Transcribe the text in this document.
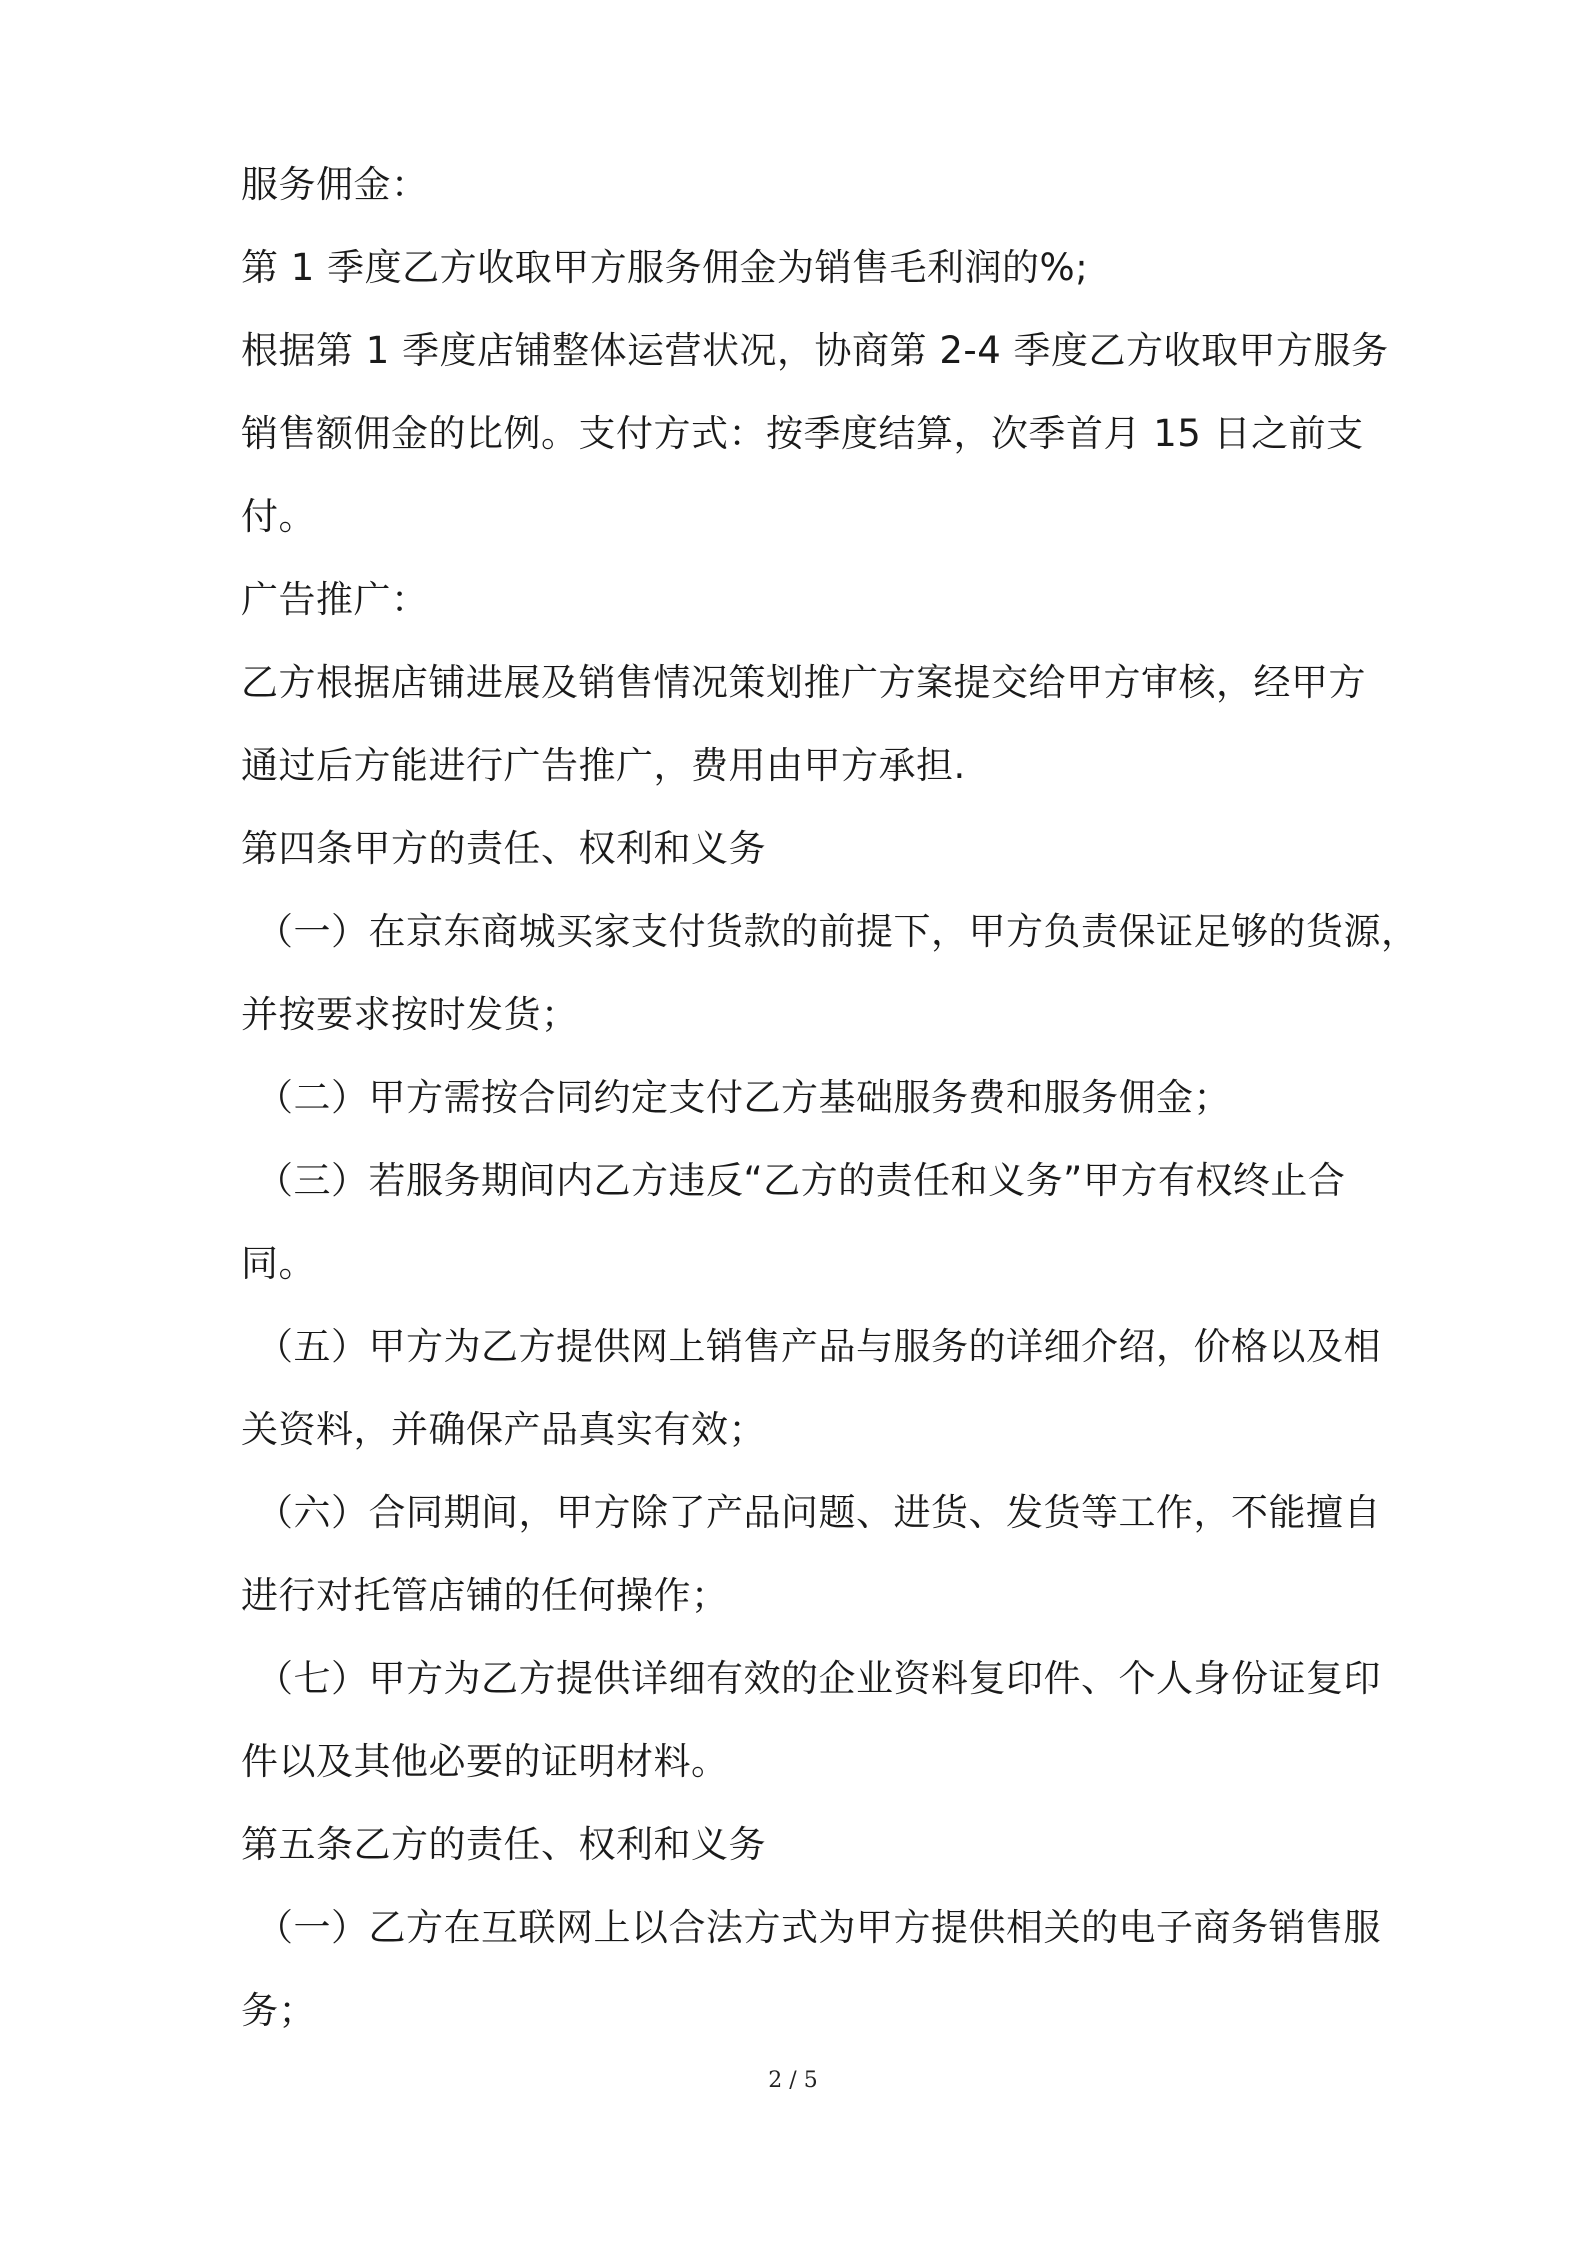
服务佣金：
第 1 季度乙方收取甲方服务佣金为销售毛利润的%;
根据第 1 季度店铺整体运营状况，协商第 2-4 季度乙方收取甲方服务
销售额佣金的比例。支付方式：按季度结算，次季首月 15 日之前支
付。
广告推广：
乙方根据店铺进展及销售情况策划推广方案提交给甲方审核，经甲方
通过后方能进行广告推广，费用由甲方承担.
第四条甲方的责任、权利和义务
（一）在京东商城买家支付货款的前提下，甲方负责保证足够的货源，
并按要求按时发货；
（二）甲方需按合同约定支付乙方基础服务费和服务佣金；
（三）若服务期间内乙方违反“乙方的责任和义务”甲方有权终止合
同。
（五）甲方为乙方提供网上销售产品与服务的详细介绍，价格以及相
关资料，并确保产品真实有效；
（六）合同期间，甲方除了产品问题、进货、发货等工作，不能擅自
进行对托管店铺的任何操作；
（七）甲方为乙方提供详细有效的企业资料复印件、个人身份证复印
件以及其他必要的证明材料。
第五条乙方的责任、权利和义务
（一）乙方在互联网上以合法方式为甲方提供相关的电子商务销售服
务；
2 / 5
